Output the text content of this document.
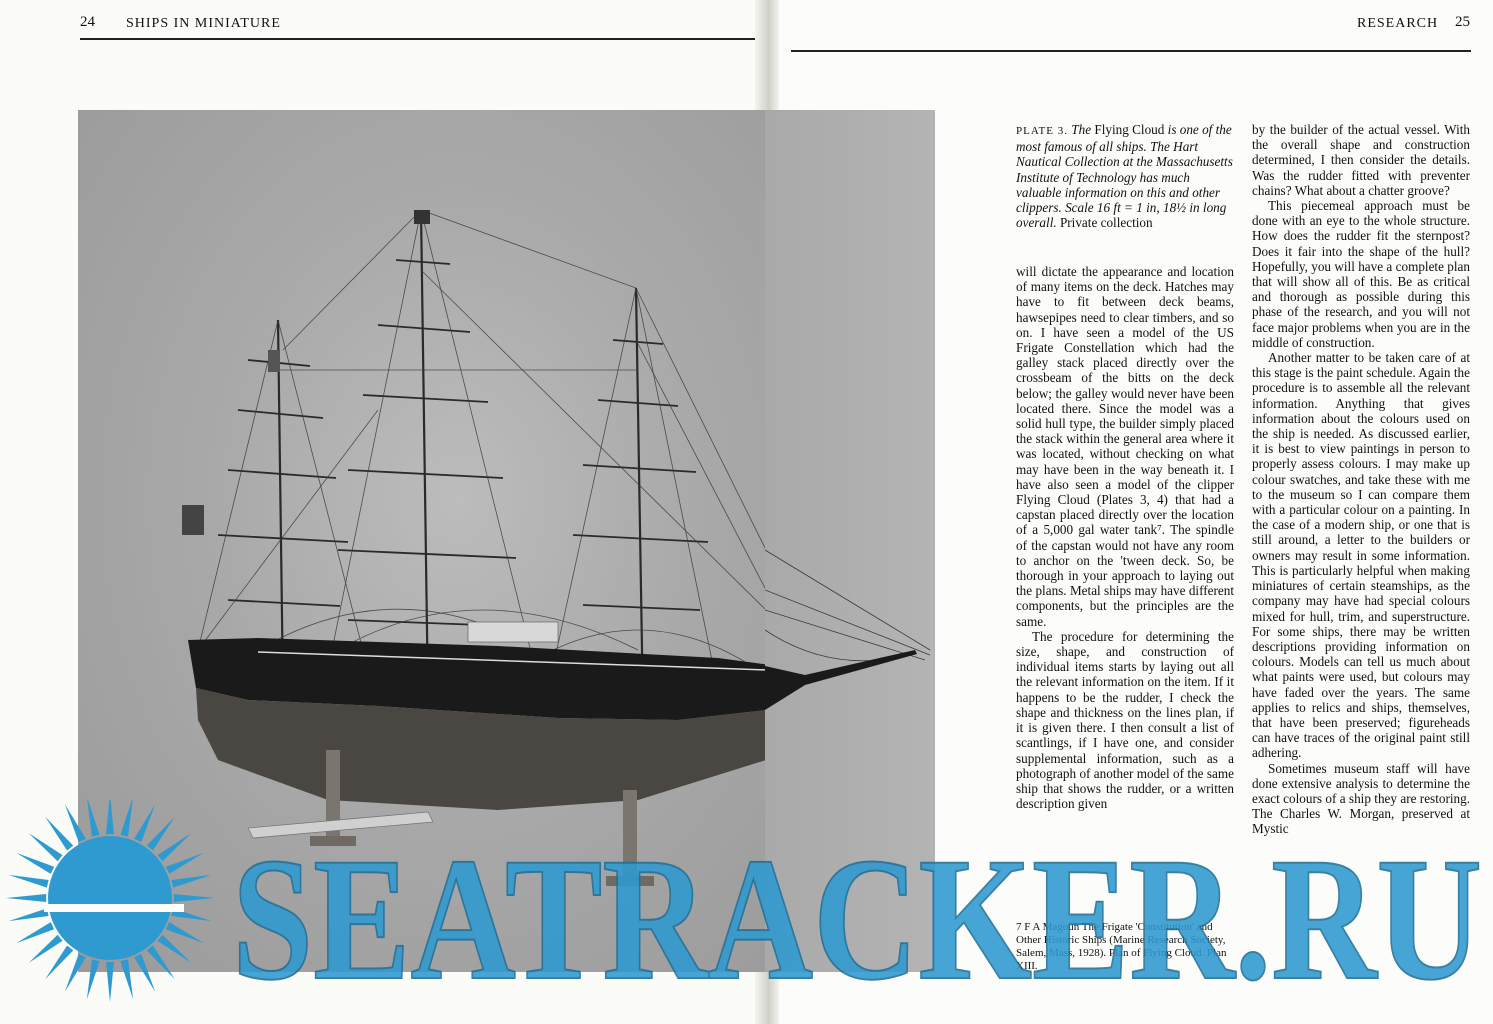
24 SHIPS IN MINIATURE	RESEARCH 25
PLATE 3. The Flying Cloud is one of the most famous of all ships. The Hart Nautical Collection at the Massachusetts Institute of Technology has much valuable information on this and other clippers. Scale 16 ft = 1 in, 18½ in long overall. Private collection

will dictate the appearance and location of many items on the deck. Hatches may have to fit between deck beams, hawsepipes need to clear timbers, and so on. I have seen a model of the US Frigate Constellation which had the galley stack placed directly over the crossbeam of the bitts on the deck below; the galley would never have been located there. Since the model was a solid hull type, the builder simply placed the stack within the general area where it was located, without checking on what may have been in the way beneath it. I have also seen a model of the clipper Flying Cloud (Plates 3, 4) that had a capstan placed directly over the location of a 5,000 gal water tank⁷. The spindle of the capstan would not have any room to anchor on the 'tween deck. So, be thorough in your approach to laying out the plans. Metal ships may have different components, but the principles are the same.

The procedure for determining the size, shape, and construction of individual items starts by laying out all the relevant information on the item. If it happens to be the rudder, I check the shape and thickness on the lines plan, if it is given there. I then consult a list of scantlings, if I have one, and consider supplemental information, such as a photograph of another model of the same ship that shows the rudder, or a written description given

7 F A Magoun The Frigate 'Constitution' and Other Historic Ships (Marine Research Society, Salem, Mass, 1928). Plan of Flying Cloud. Plan XIII.

by the builder of the actual vessel. With the overall shape and construction determined, I then consider the details. Was the rudder fitted with preventer chains? What about a chatter groove?

This piecemeal approach must be done with an eye to the whole structure. How does the rudder fit the sternpost? Does it fair into the shape of the hull? Hopefully, you will have a complete plan that will show all of this. Be as critical and thorough as possible during this phase of the research, and you will not face major problems when you are in the middle of construction.

Another matter to be taken care of at this stage is the paint schedule. Again the procedure is to assemble all the relevant information. Anything that gives information about the colours used on the ship is needed. As discussed earlier, it is best to view paintings in person to properly assess colours. I may make up colour swatches, and take these with me to the museum so I can compare them with a particular colour on a painting. In the case of a modern ship, or one that is still around, a letter to the builders or owners may result in some information. This is particularly helpful when making miniatures of certain steamships, as the company may have had special colours mixed for hull, trim, and superstructure. For some ships, there may be written descriptions providing information on colours. Models can tell us much about what paints were used, but colours may have faded over the years. The same applies to relics and ships, themselves, that have been preserved; figureheads can have traces of the original paint still adhering.

Sometimes museum staff will have done extensive analysis to determine the exact colours of a ship they are restoring. The Charles W. Morgan, preserved at Mystic

SEATRACKER.RU
